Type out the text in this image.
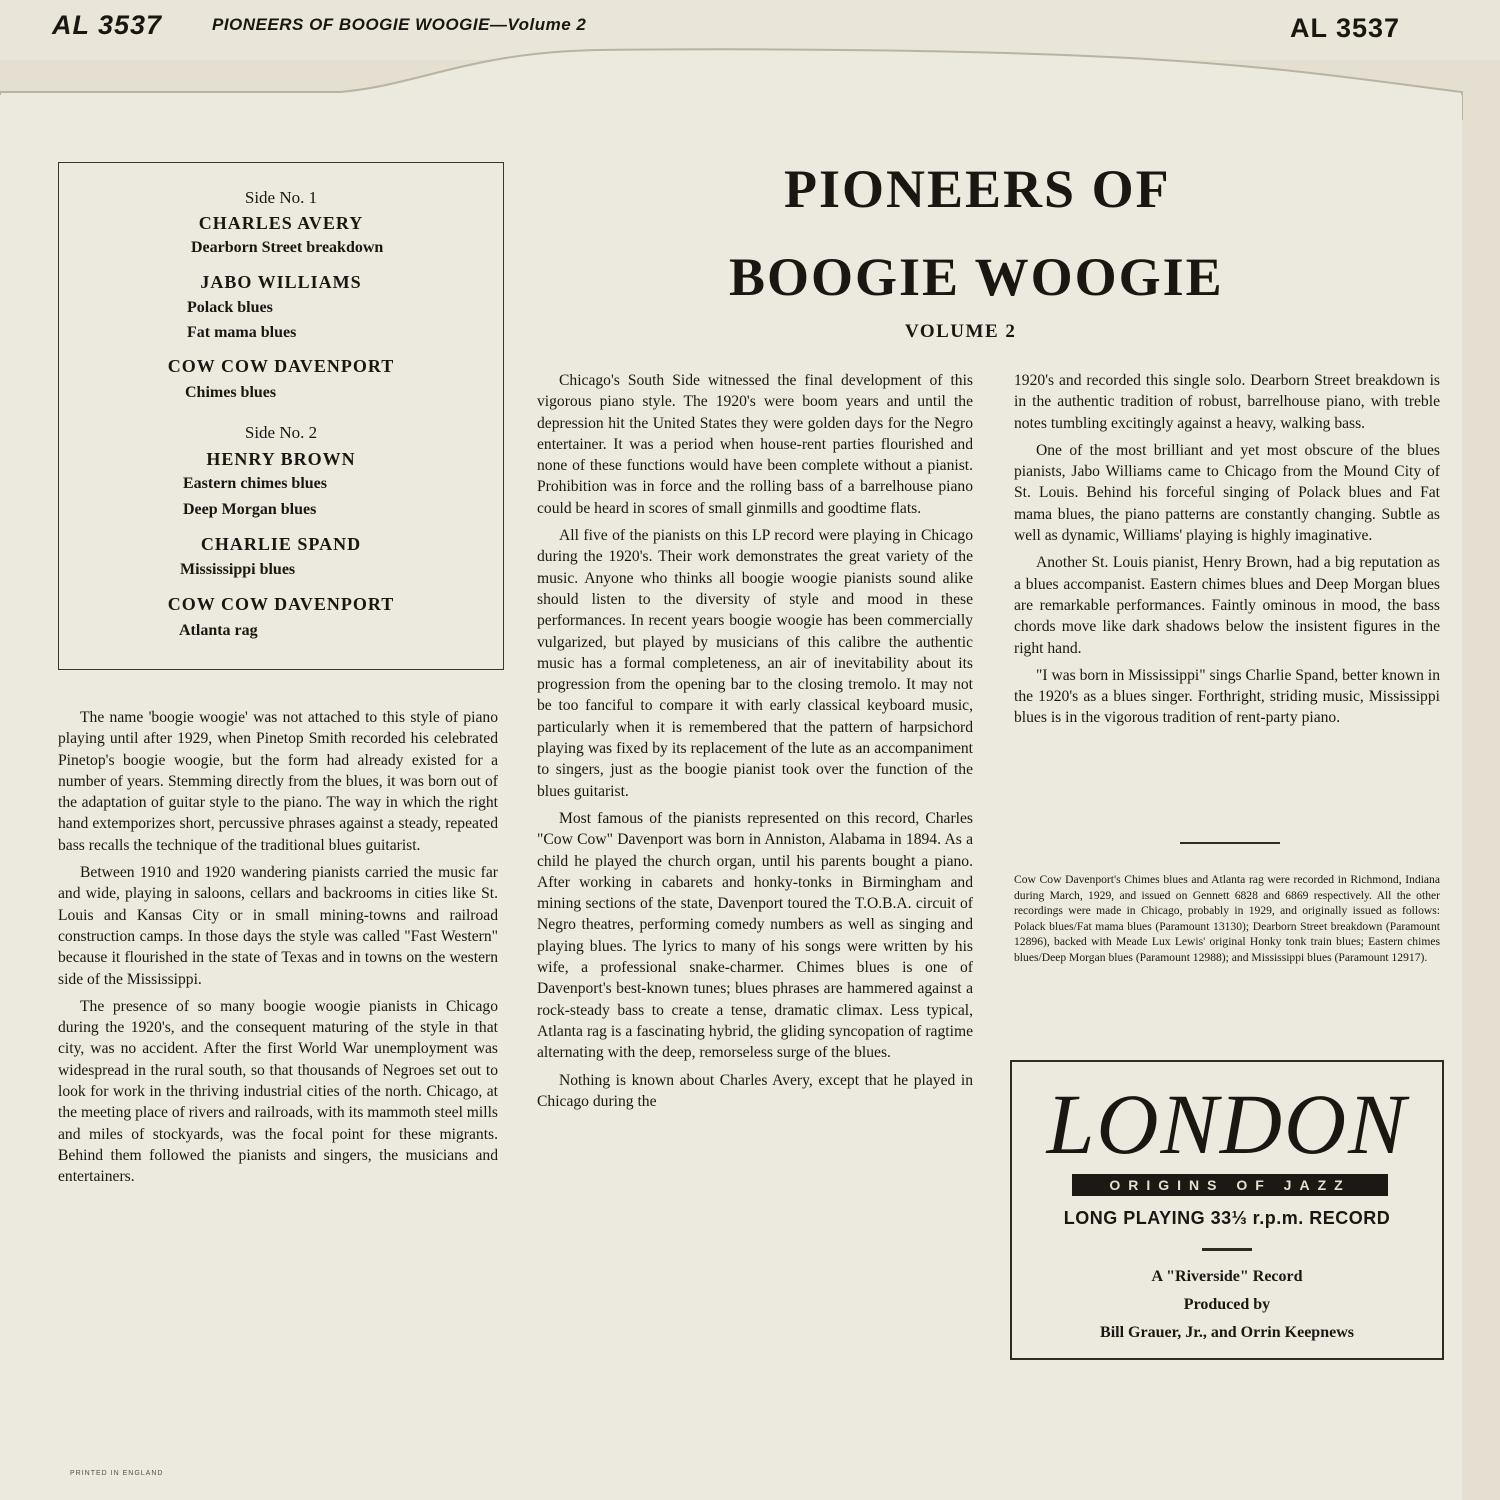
AL 3537	PIONEERS OF BOOGIE WOOGIE—Volume 2	AL 3537
Side No. 1
CHARLES AVERY
Dearborn Street breakdown
JABO WILLIAMS
Polack blues
Fat mama blues
COW COW DAVENPORT
Chimes blues
Side No. 2
HENRY BROWN
Eastern chimes blues
Deep Morgan blues
CHARLIE SPAND
Mississippi blues
COW COW DAVENPORT
Atlanta rag
PIONEERS OF
BOOGIE WOOGIE
VOLUME 2

The name 'boogie woogie' was not attached to this style of piano playing until after 1929, when Pinetop Smith recorded his celebrated Pinetop's boogie woogie, but the form had already existed for a number of years. Stemming directly from the blues, it was born out of the adaptation of guitar style to the piano. The way in which the right hand extemporizes short, percussive phrases against a steady, repeated bass recalls the technique of the traditional blues guitarist.

Between 1910 and 1920 wandering pianists carried the music far and wide, playing in saloons, cellars and backrooms in cities like St. Louis and Kansas City or in small mining-towns and railroad construction camps. In those days the style was called "Fast Western" because it flourished in the state of Texas and in towns on the western side of the Mississippi.

The presence of so many boogie woogie pianists in Chicago during the 1920's, and the consequent maturing of the style in that city, was no accident. After the first World War unemployment was widespread in the rural south, so that thousands of Negroes set out to look for work in the thriving industrial cities of the north. Chicago, at the meeting place of rivers and railroads, with its mammoth steel mills and miles of stockyards, was the focal point for these migrants. Behind them followed the pianists and singers, the musicians and entertainers.

Chicago's South Side witnessed the final development of this vigorous piano style. The 1920's were boom years and until the depression hit the United States they were golden days for the Negro entertainer. It was a period when house-rent parties flourished and none of these functions would have been complete without a pianist. Prohibition was in force and the rolling bass of a barrelhouse piano could be heard in scores of small ginmills and goodtime flats.

All five of the pianists on this LP record were playing in Chicago during the 1920's. Their work demonstrates the great variety of the music. Anyone who thinks all boogie woogie pianists sound alike should listen to the diversity of style and mood in these performances. In recent years boogie woogie has been commercially vulgarized, but played by musicians of this calibre the authentic music has a formal completeness, an air of inevitability about its progression from the opening bar to the closing tremolo. It may not be too fanciful to compare it with early classical keyboard music, particularly when it is remembered that the pattern of harpsichord playing was fixed by its replacement of the lute as an accompaniment to singers, just as the boogie pianist took over the function of the blues guitarist.

Most famous of the pianists represented on this record, Charles "Cow Cow" Davenport was born in Anniston, Alabama in 1894. As a child he played the church organ, until his parents bought a piano. After working in cabarets and honky-tonks in Birmingham and mining sections of the state, Davenport toured the T.O.B.A. circuit of Negro theatres, performing comedy numbers as well as singing and playing blues. The lyrics to many of his songs were written by his wife, a professional snake-charmer. Chimes blues is one of Davenport's best-known tunes; blues phrases are hammered against a rock-steady bass to create a tense, dramatic climax. Less typical, Atlanta rag is a fascinating hybrid, the gliding syncopation of ragtime alternating with the deep, remorseless surge of the blues.

Nothing is known about Charles Avery, except that he played in Chicago during the

1920's and recorded this single solo. Dearborn Street breakdown is in the authentic tradition of robust, barrelhouse piano, with treble notes tumbling excitingly against a heavy, walking bass.

One of the most brilliant and yet most obscure of the blues pianists, Jabo Williams came to Chicago from the Mound City of St. Louis. Behind his forceful singing of Polack blues and Fat mama blues, the piano patterns are constantly changing. Subtle as well as dynamic, Williams' playing is highly imaginative.

Another St. Louis pianist, Henry Brown, had a big reputation as a blues accompanist. Eastern chimes blues and Deep Morgan blues are remarkable performances. Faintly ominous in mood, the bass chords move like dark shadows below the insistent figures in the right hand.

"I was born in Mississippi" sings Charlie Spand, better known in the 1920's as a blues singer. Forthright, striding music, Mississippi blues is in the vigorous tradition of rent-party piano.

Cow Cow Davenport's Chimes blues and Atlanta rag were recorded in Richmond, Indiana during March, 1929, and issued on Gennett 6828 and 6869 respectively. All the other recordings were made in Chicago, probably in 1929, and originally issued as follows: Polack blues/Fat mama blues (Paramount 13130); Dearborn Street breakdown (Paramount 12896), backed with Meade Lux Lewis' original Honky tonk train blues; Eastern chimes blues/Deep Morgan blues (Paramount 12988); and Mississippi blues (Paramount 12917).
LONDON
ORIGINS OF JAZZ
LONG PLAYING 33⅓ r.p.m. RECORD
A "Riverside" Record
Produced by
Bill Grauer, Jr., and Orrin Keepnews
PRINTED IN ENGLAND
